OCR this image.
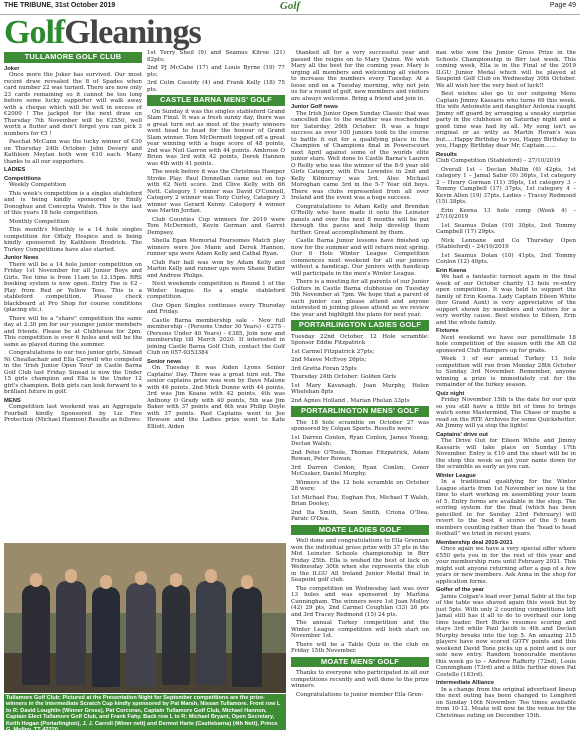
THE TRIBUNE, 31st October 2019	Golf	Page 49
GolfGleanings
TULLAMORE GOLF CLUB
Joker
Once more the Joker has survived. Our most recent draw revealed the 8 of Spades when card number 22 was turned. There are now only 23 cards remaining so it cannot be too long before some lucky supporter will walk away with a cheque which will be well in excess of €2000 ! The jackpot for the next draw on Thursday 7th November will be €2550, well worth a flutter and don't forget you can pick 3 numbers for €5 !
Paschal McCann was the lucky winner of €30 on Thursday 24th October. John Devery and Kathleen Meylan both won €10 each. Many thanks to all our supporters.
LADIES
Competitions
Weekly Competition
This week's competition is a singles stableford and is being kindly sponsored by Emily Donoghue and Concepta Walsh. This is the last of this years 18 hole competition.
Monthly Competition
This month's Monthly is a 14 hole singles competition for Offaly Hospice and is being kindly sponsored by Kathleen Brodrick. The Turkey Competitions have also started.
Junior News
There will be a 14 hole junior competition on Friday 1st November for all Junior Boys and Girls. Tee time is from 11am to 12.15pm. BRS booking system is now open. Entry Fee is €2 - Play from Red or Yellow Tees. This is a stableford competition. Please check blackboard at Pro Shop for course conditions (placing etc.).
There will be a "share" competition the same day at 2.30 pm for our younger junior members and friends. Please be at Clubhouse for 2pm. This competition is over 6 holes and will be the same as played during the summer.
Congratulations to our two junior girls, Sinead Ni Cheallachair and Ella Carwell who competed in the 'Irish Junior Open Tour' in Castle Barna Golf Club last Friday. Sinead is now the Under 15 girls champion and Ella is the Under 12 girl's champion. Both girls can look forward to a brilliant future in golf.
MENS
Competition last weekend was an Aggregate Fourball kindly Sponsored by Liz Fire Protection (Michael Hannon) Results as follows:
1st Terry Sheil (9) and Seamus Kilroe (21) 82pts;
2nd PJ McCabe (17) and Louis Byrne (19) 77 pts;
3rd Colm Cassidy (4) and Frank Kelly (18) 75 pts.
CASTLE BARNA MENS' GOLF
On Sunday it was the singles stableford Grand Slam Final. It was a fresh sunny day, there was a great turn out as most of the yearly winners went head to head for the honour of Grand Slam winner. Tom McDermott topped off a great year winning with a huge score of 48 points, 2nd was Neil Garron with 44 points. Ambrose O Brien was 3rd with 42 points, Derek Hannon was 4th with 41 points.
The week before it was the Christmas Hamper Stroke Play. Paul Donnellan came out on top with 62 Nett score. 2nd Clive Kelly with 66 Nett. Category 1 winner was David O'Connell, Category 2 winner was Tony Curley, Category 3 winner was Gerard Kenny. Category 4 winner was Martin Jordan.
Club Counties Cup winners for 2019 were Tom McDermott, Kevin Gorman and Garret Dempsey.
Sheila Egan Memorial Foursomes Match play winners were Joe Mann and Derek Hannon, runner ups were Adam Kelly and Cathal Ryan.
Club Pair ball was won by Adam Kelly and Martin Kelly and runner ups were Shane Butler and Andrew Philips.
Next weekends competition is Round 1 of the Winter league. Its a single stableford competition.
Our Open Singles continues every Thursday and Friday.
Castle Barna membership sale - New full membership - (Persons Under 30 Years) - €275 - (Persons Under 40 Years) - €385, Join now and membership till March 2020. If interested in joining Castle Barna Golf Club, contact the Golf Club on 057-9353384
Senior news
On Tuesday it was Aiden Lyons Senior Captains' Day. There was a great turn out. The senior captains prize was won by Dave Malone with 46 points, 2nd Mick Dunne with 44 points, 3rd was Jim Keane with 42 points. 4th was Anthony O Grady with 40 points, 5th was Jim Baker with 37 points and 6th was Philip Doyle with 37 points. Past Captains went to Joe Hewson and the Ladies prize went to Kate Elliott. Aiden
thanked all for a very successful year and passed the reigns on to Mary Quinn. We wish Mary all the best for the coming year. Mary is urging all members and welcoming all visitors to increase the numbers every Tuesday. At a loose end on a Tuesday morning, why not join us for a round of golf, new members and visitors are always welcome. Bring a friend and join in.
Junior Golf news
The Irish Junior Open Sunday Classic that was cancelled due to the weather was rescheduled for Saturday 26th October. It was a huge success as over 100 juniors took to the course to battle it out for a qualifying place in the Champion of Champions final in Powerscourt next April against some of the worlds elite junior stars. Well done to Castle Barna's Lauren O Reilly who was the winner of the 8-9 year old Girls Category, with Eva Lowndes in 2nd and Kelly Kilmurray was 3rd. Also Michael Moroghan came 3rd in the 5-7 Year old boys. There was clubs represented from all over Ireland and the event was a huge success.
Congratulations to Adam Kelly and Brendan O'Reilly who have made it onto the Leinster panels and over the next 8 months will be put through the paces and help develop them further. Great accomplishment by them.
Castle Barna Junior lessons have finished up now for the summer and will return next spring. Our 6 Hole Winter League Competition commences next weekend for all our juniors without a handicap. Our juniors with handicap will participate in the men's Winter League.
There is a meeting for all parents of our Junior Golfers in Castle Barna clubhouse on Tuesday 5th November at 7pm. We hope that a parent of each junior can please attend and anyone interested in joining please attend as we review the year and highlight the plans for next year.
PORTARLINGTON LADIES GOLF
Tuesday 22nd October, 12 Hole scramble: Sponsor Eddie Fitzpatrick
1st Carmel Fitzpatrick 27pts;
2nd Maeve McEvoy 26pts;
3rd Gretta Foran 25pts
Thursday 24th October: Golden Girls
1st Mary Kavanagh, Joan Murphy, Helen Whelehan 8pts
2nd Agnes Holland , Marian Phelan 33pts
PORTARLINGTON MENS' GOLF
The 18 hole scramble on October 27 was sponsored by Colgan Sports. Results were:
1st Darren Conlon, Ryan Conlon, James Young, Declan Walsh;
2nd Peter O'Toole, Thomas Fitzpatrick, Adam Rowan, Peter Rowan;
3rd Darren Conlon, Ryan Conlon, Conor McCusker, Daniel Murphy.
Winners of the 12 hole scramble on October 28 were:
1st Michael Fou, Eoghan Fox, Michael T Walsh, Brian Dooley;
2nd Ita Smith, Sean Smith, Criona O'Dea, Paraic O'Dea.
MOATE LADIES GOLF
Well done and congratulations to Ella Grennan won the individual gross prize with 37 pts in the Mid Leinster Schools championship in Birr Friday 25th. Ella is wished the best of luck on Wednesday 30th when she represents the club in the ILGU All Ireland Junior Medal final in Seapoint golf club.
The competition on Wednesday last was over 13 holes and was sponsored by Martina Cunningham. The winners were 1st Joan Molloy (42) 29 pts, 2nd Carmel Coughlan (33) 26 pts and 3rd Tracey Redmond (15) 24 pts.
The annual Turkey competition and the Winter League competition will both start on November 1st.
There will be a Table Quiz in the club on Friday 15th November.
MOATE MENS' GOLF
Thanks to everyone who participated in all our competitions recently and well done to the prize winners.
Congratulations to junior member Ella Gren-
nan who won the Junior Gross Prize in the Schools Championship in Birr last week. This coming week, Ella is in the Final of the 2019 ILGU Junior Medal which will be played at Seapoint Golf Club on Wednesday 30th October. We all wish her the very best of luck!!
Best wishes also go to our outgoing Mens Captain Jimmy Kassaris who turns 69 this week. His wife Antoinette and daughter Antonia caught Jimmy off guard by arranging a sneaky surprise party in the clubhouse on Saturday night and a good time was had by all. My song isn't as original or as witty as Martin Horan's was but.....Happy Birthday to you, Happy Birthday to you, Happy Birthday dear Mr. Captain.......
Results
Club Competition (Stableford) – 27/10/2019
Overall 1st – Declan Mullin (6) 42pts, 1st category 1 – Jamal Sabir (0) 36pts, 1st category 2 – Henry Gorman (11) 39pts, 1st category 3 – Tommy Campbell (17) 37pts, 1st category 4 – Kevin Allen (19) 37pts, Ladies – Tracey Redmond (15) 38pts.
Erin Keena 13 hole comp (Week 4) – 27/10/2019
1st Seamus Dolan (10) 30pts, 2nd Tommy Campbell (17) 29pts.
Nick Lennane and Co Thursday Open (Stableford) – 24/10/2019
1st Seamus Dolan (10) 41pts, 2nd Tommy Conlon (12) 40pts.
Erin Keena
We had a fantastic turnout again in the final week of our October charity 13 hole re-entry open competition. It was held to support the family of Erin Keena. Lady Captain Eileen White (her Grand Aunt) is very appreciative of the support shown by members and visitors for a very worthy cause. Best wishes to Eileen, Erin and the whole family.
Fixtures
Next weekend we have our penultimate 18 hole competition of the season with the AB Oil sponsored Club Hampers up for grabs.
Week 1 of our annual Turkey 13 hole competition will run from Monday 28th October to Sunday 3rd November. Remember, anyone winning a prize is immediately cut for the remainder of the turkey season.
Quiz night
Friday November 15th is the date for our quiz so you still have a little bit of time to brings watch some Mastermind, The Chase or maybe a read on the RTE Archives for some Quickshotter. Ah Jimmy will ya stop the lights!
Captains' drive out
The Drive Out for Eileen White and Jimmy Kassaris will take place on Sunday 17th November. Entry is €10 and the sheet will be in the shop this week so get your name down for the scramble as early as you can.
Winter League
In a traditional qualifying for the Winter League starts from 1st November so now is the time to start working on assembling your team of 5. Entry forms are available in the shop. The scoring system for the final (which has been pencilled in for Sunday 23rd February) will revert to the best 4 scores of the 5 team members counting rather than the "head to head football" we tried in recent years.
Membership deal 2019-2021
Once again we have a very special offer where €550 gets you in for the rest of this year and your membership runs until February 2021. This might suit anyone returning after a gap of a few years or new members. Ask Anna in the shop for application forms.
Golfer of the year
Jamie Colgan's lead over Jamal Sabir at the top of the table was shaved again this week but by just 5pts. With only 2 counting competitions left Jamal still has it all to do to overhaul our long time leader. Bert Burke resumes scoring and stays 3rd while Paul Jacob is 4th and Declan Murphy breaks into the top 5. An amazing 215 players have now scored GOTY points and this weekend David Tone picks up a point and is our sole new entry. Random honourable mentions this week go to – Andrew Rafferty (72nd), Louis Cunningham (73rd) and a little further down Pat Costello (183rd).
Intermediate Alliance
In a change from the original advertised lineup the next outing has been changed to Longford on Sunday 10th November. Tee times available from 10-12. Moate will now be the venue for the Christmas outing on December 15th.
Tullamore Golf Club: Pictured at the Presentation Night for September competitions are the prize-winners in the Intermediate Scratch Cup kindly sponsored by Pat Marsh, Nissan Tullamore. Front row L to R: David Loughlin (Winner Gross), Pat Corcoran, Captain Tullamore Golf Club, Michael Hannon, Captain Elect Tullamore Golf Club, and Frank Fahy. Back row L to R: Michael Bryant, Open Secretary, Keith Hogan (Portarlington), J. J. Carroll (Winer nett) and Dermot Harte (Castlebarna) (4th Nett), Prince G. Molloy. TT 42220
